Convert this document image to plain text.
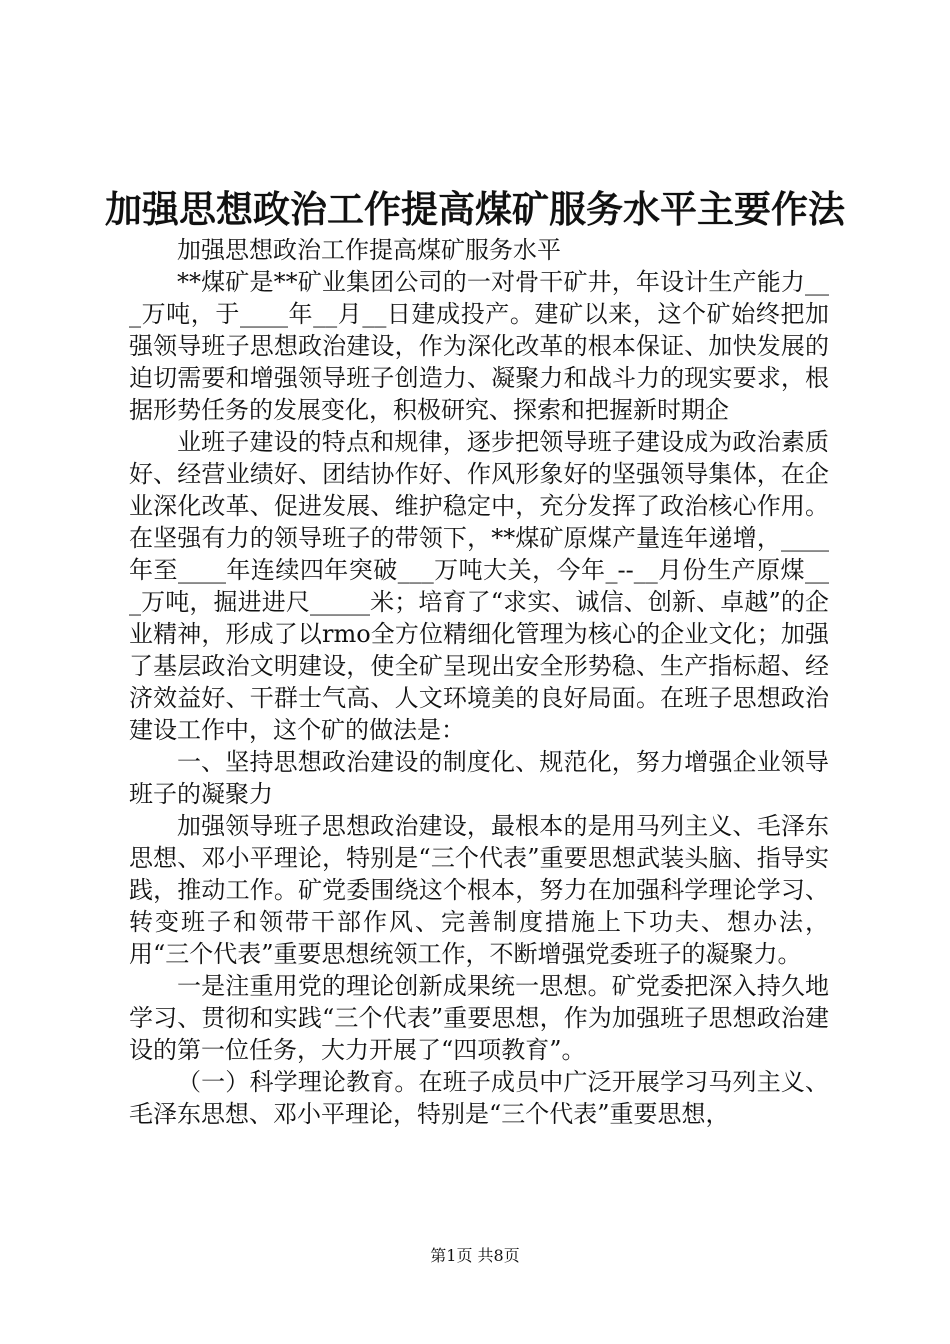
加强思想政治工作提高煤矿服务水平主要作法

加强思想政治工作提高煤矿服务水平

**煤矿是**矿业集团公司的一对骨干矿井，年设计生产能力___万吨，于____年__月__日建成投产。建矿以来，这个矿始终把加强领导班子思想政治建设，作为深化改革的根本保证、加快发展的迫切需要和增强领导班子创造力、凝聚力和战斗力的现实要求，根据形势任务的发展变化，积极研究、探索和把握新时期企

业班子建设的特点和规律，逐步把领导班子建设成为政治素质好、经营业绩好、团结协作好、作风形象好的坚强领导集体，在企业深化改革、促进发展、维护稳定中，充分发挥了政治核心作用。在坚强有力的领导班子的带领下，**煤矿原煤产量连年递增，____年至____年连续四年突破___万吨大关，今年_--__月份生产原煤___万吨，掘进进尺_____米；培育了“求实、诚信、创新、卓越”的企业精神，形成了以rmo全方位精细化管理为核心的企业文化；加强了基层政治文明建设，使全矿呈现出安全形势稳、生产指标超、经济效益好、干群士气高、人文环境美的良好局面。在班子思想政治建设工作中，这个矿的做法是：

一、坚持思想政治建设的制度化、规范化，努力增强企业领导班子的凝聚力

加强领导班子思想政治建设，最根本的是用马列主义、毛泽东思想、邓小平理论，特别是“三个代表”重要思想武装头脑、指导实践，推动工作。矿党委围绕这个根本，努力在加强科学理论学习、转变班子和领带干部作风、完善制度措施上下功夫、想办法，用“三个代表”重要思想统领工作，不断增强党委班子的凝聚力。

一是注重用党的理论创新成果统一思想。矿党委把深入持久地学习、贯彻和实践“三个代表”重要思想，作为加强班子思想政治建设的第一位任务，大力开展了“四项教育”。

（一）科学理论教育。在班子成员中广泛开展学习马列主义、毛泽东思想、邓小平理论，特别是“三个代表”重要思想，

第1页 共8页
